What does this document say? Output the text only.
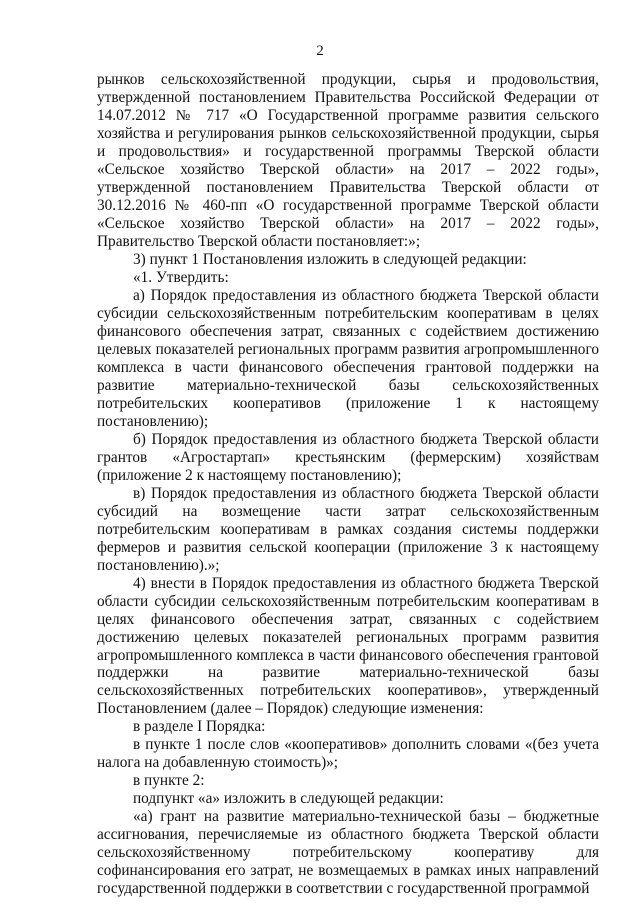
2

рынков сельскохозяйственной продукции, сырья и продовольствия, утвержденной постановлением Правительства Российской Федерации от 14.07.2012 № 717 «О Государственной программе развития сельского хозяйства и регулирования рынков сельскохозяйственной продукции, сырья и продовольствия» и государственной программы Тверской области «Сельское хозяйство Тверской области» на 2017 – 2022 годы», утвержденной постановлением Правительства Тверской области от 30.12.2016 № 460-пп «О государственной программе Тверской области «Сельское хозяйство Тверской области» на 2017 – 2022 годы», Правительство Тверской области постановляет:»;

3) пункт 1 Постановления изложить в следующей редакции:

«1. Утвердить:

а) Порядок предоставления из областного бюджета Тверской области субсидии сельскохозяйственным потребительским кооперативам в целях финансового обеспечения затрат, связанных с содействием достижению целевых показателей региональных программ развития агропромышленного комплекса в части финансового обеспечения грантовой поддержки на развитие материально-технической базы сельскохозяйственных потребительских кооперативов (приложение 1 к настоящему постановлению);

б) Порядок предоставления из областного бюджета Тверской области грантов «Агростартап» крестьянским (фермерским) хозяйствам (приложение 2 к настоящему постановлению);

в) Порядок предоставления из областного бюджета Тверской области субсидий на возмещение части затрат сельскохозяйственным потребительским кооперативам в рамках создания системы поддержки фермеров и развития сельской кооперации (приложение 3 к настоящему постановлению).»;

4) внести в Порядок предоставления из областного бюджета Тверской области субсидии сельскохозяйственным потребительским кооперативам в целях финансового обеспечения затрат, связанных с содействием достижению целевых показателей региональных программ развития агропромышленного комплекса в части финансового обеспечения грантовой поддержки на развитие материально-технической базы сельскохозяйственных потребительских кооперативов», утвержденный Постановлением (далее – Порядок) следующие изменения:

в разделе I Порядка:

в пункте 1 после слов «кооперативов» дополнить словами «(без учета налога на добавленную стоимость)»;

в пункте 2:

подпункт «а» изложить в следующей редакции:

«а) грант на развитие материально-технической базы – бюджетные ассигнования, перечисляемые из областного бюджета Тверской области сельскохозяйственному потребительскому кооперативу для софинансирования его затрат, не возмещаемых в рамках иных направлений государственной поддержки в соответствии с государственной программой
